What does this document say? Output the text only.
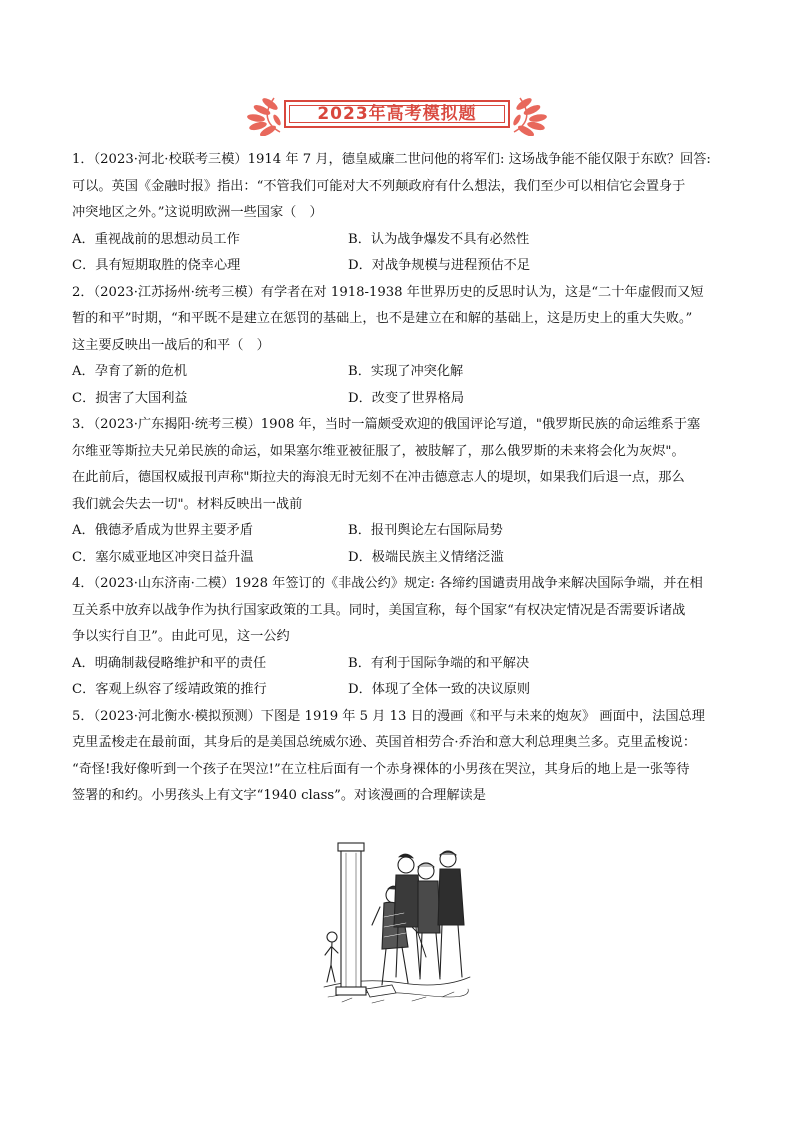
2023年高考模拟题
1．（2023·河北·校联考三模）1914 年 7 月，德皇威廉二世问他的将军们: 这场战争能不能仅限于东欧？回答:
可以。英国《金融时报》指出：“不管我们可能对大不列颠政府有什么想法，我们至少可以相信它会置身于
冲突地区之外。”这说明欧洲一些国家（　）
A．重视战前的思想动员工作	B．认为战争爆发不具有必然性
C．具有短期取胜的侥幸心理	D．对战争规模与进程预估不足
2．（2023·江苏扬州·统考三模）有学者在对 1918-1938 年世界历史的反思时认为，这是“二十年虚假而又短
暂的和平”时期，“和平既不是建立在惩罚的基础上，也不是建立在和解的基础上，这是历史上的重大失败。”
这主要反映出一战后的和平（　）
A．孕育了新的危机	B．实现了冲突化解
C．损害了大国利益	D．改变了世界格局
3．（2023·广东揭阳·统考三模）1908 年，当时一篇颇受欢迎的俄国评论写道，"俄罗斯民族的命运维系于塞
尔维亚等斯拉夫兄弟民族的命运，如果塞尔维亚被征服了，被肢解了，那么俄罗斯的未来将会化为灰烬"。
在此前后，德国权威报刊声称"斯拉夫的海浪无时无刻不在冲击德意志人的堤坝，如果我们后退一点，那么
我们就会失去一切"。材料反映出一战前
A．俄德矛盾成为世界主要矛盾	B．报刊舆论左右国际局势
C．塞尔威亚地区冲突日益升温	D．极端民族主义情绪泛滥
4．（2023·山东济南·二模）1928 年签订的《非战公约》规定: 各缔约国谴责用战争来解决国际争端，并在相
互关系中放弃以战争作为执行国家政策的工具。同时，美国宣称，每个国家“有权决定情况是否需要诉诸战
争以实行自卫”。由此可见，这一公约
A．明确制裁侵略维护和平的责任	B．有利于国际争端的和平解决
C．客观上纵容了绥靖政策的推行	D．体现了全体一致的决议原则
5．（2023·河北衡水·模拟预测）下图是 1919 年 5 月 13 日的漫画《和平与未来的炮灰》 画面中，法国总理
克里孟梭走在最前面，其身后的是美国总统威尔逊、英国首相劳合·乔治和意大利总理奥兰多。克里孟梭说：
“奇怪!我好像听到一个孩子在哭泣!”在立柱后面有一个赤身裸体的小男孩在哭泣，其身后的地上是一张等待
签署的和约。小男孩头上有文字“1940 class”。对该漫画的合理解读是
